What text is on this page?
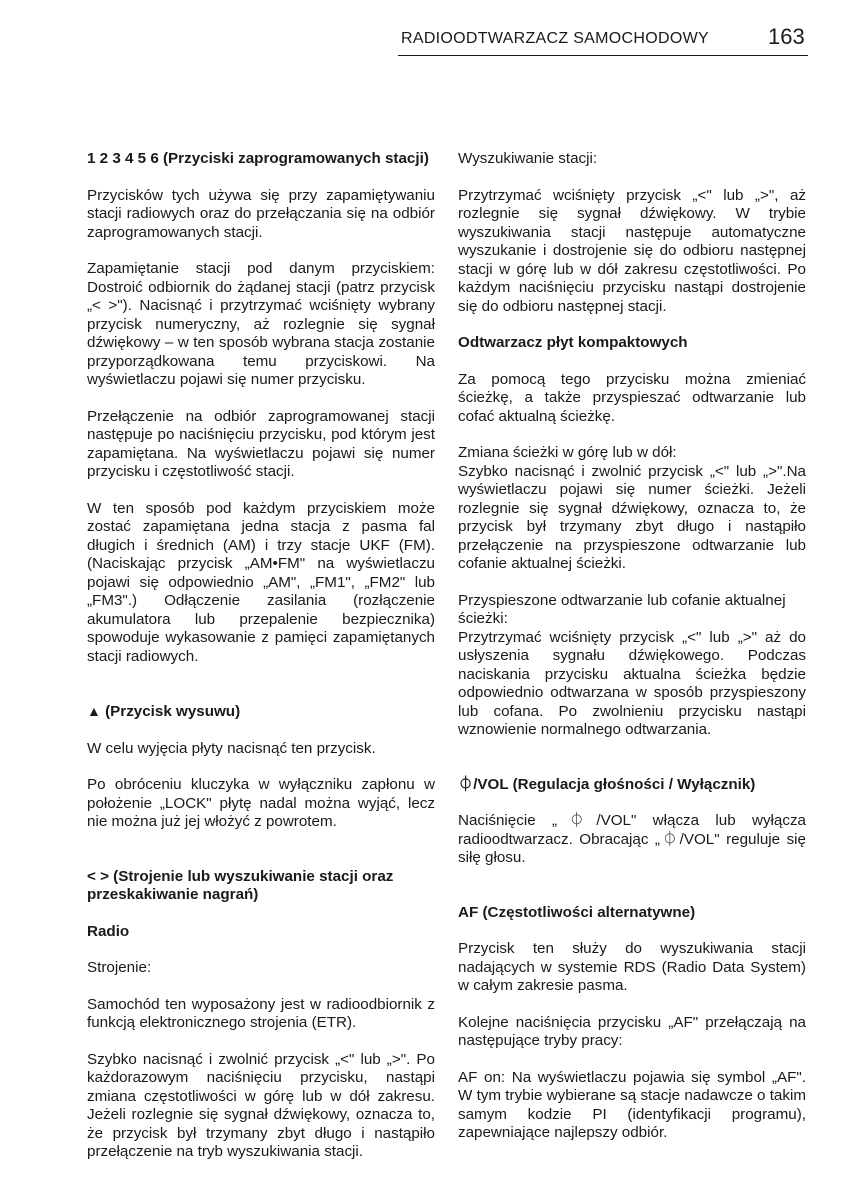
RADIOODTWARZACZ SAMOCHODOWY	163

1 2 3 4 5 6 (Przyciski zaprogramowanych stacji)

Przycisków tych używa się przy zapamiętywaniu stacji radiowych oraz do przełączania się na odbiór zaprogramowanych stacji.

Zapamiętanie stacji pod danym przyciskiem: Dostroić odbiornik do żądanej stacji (patrz przycisk „< >"). Nacisnąć i przytrzymać wciśnięty wybrany przycisk numeryczny, aż rozlegnie się sygnał dźwiękowy – w ten sposób wybrana stacja zostanie przyporządkowana temu przyciskowi. Na wyświetlaczu pojawi się numer przycisku.

Przełączenie na odbiór zaprogramowanej stacji następuje po naciśnięciu przycisku, pod którym jest zapamiętana. Na wyświetlaczu pojawi się numer przycisku i częstotliwość stacji.

W ten sposób pod każdym przyciskiem może zostać zapamiętana jedna stacja z pasma fal długich i średnich (AM) i trzy stacje UKF (FM). (Naciskając przycisk „AM•FM" na wyświetlaczu pojawi się odpowiednio „AM", „FM1", „FM2" lub „FM3".) Odłączenie zasilania (rozłączenie akumulatora lub przepalenie bezpiecznika) spowoduje wykasowanie z pamięci zapamiętanych stacji radiowych.

▲ (Przycisk wysuwu)

W celu wyjęcia płyty nacisnąć ten przycisk.

Po obróceniu kluczyka w wyłączniku zapłonu w położenie „LOCK" płytę nadal można wyjąć, lecz nie można już jej włożyć z powrotem.

< > (Strojenie lub wyszukiwanie stacji oraz przeskakiwanie nagrań)

Radio

Strojenie:

Samochód ten wyposażony jest w radioodbiornik z funkcją elektronicznego strojenia (ETR).

Szybko nacisnąć i zwolnić przycisk „<" lub „>". Po każdorazowym naciśnięciu przycisku, nastąpi zmiana częstotliwości w górę lub w dół zakresu. Jeżeli rozlegnie się sygnał dźwiękowy, oznacza to, że przycisk był trzymany zbyt długo i nastąpiło przełączenie na tryb wyszukiwania stacji.

Wyszukiwanie stacji:

Przytrzymać wciśnięty przycisk „<" lub „>", aż rozlegnie się sygnał dźwiękowy. W trybie wyszukiwania stacji następuje automatyczne wyszukanie i dostrojenie się do odbioru następnej stacji w górę lub w dół zakresu częstotliwości. Po każdym naciśnięciu przycisku nastąpi dostrojenie się do odbioru następnej stacji.

Odtwarzacz płyt kompaktowych

Za pomocą tego przycisku można zmieniać ścieżkę, a także przyspieszać odtwarzanie lub cofać aktualną ścieżkę.

Zmiana ścieżki w górę lub w dół:

Szybko nacisnąć i zwolnić przycisk „<" lub „>".Na wyświetlaczu pojawi się numer ścieżki. Jeżeli rozlegnie się sygnał dźwiękowy, oznacza to, że przycisk był trzymany zbyt długo i nastąpiło przełączenie na przyspieszone odtwarzanie lub cofanie aktualnej ścieżki.

Przyspieszone odtwarzanie lub cofanie aktualnej ścieżki:

Przytrzymać wciśnięty przycisk „<" lub „>" aż do usłyszenia sygnału dźwiękowego. Podczas naciskania przycisku aktualna ścieżka będzie odpowiednio odtwarzana w sposób przyspieszony lub cofana. Po zwolnieniu przycisku nastąpi wznowienie normalnego odtwarzania.

⏀/VOL (Regulacja głośności / Wyłącznik)

Naciśnięcie „⏀/VOL" włącza lub wyłącza radioodtwarzacz. Obracając „⏀/VOL" reguluje się siłę głosu.

AF (Częstotliwości alternatywne)

Przycisk ten służy do wyszukiwania stacji nadających w systemie RDS (Radio Data System) w całym zakresie pasma.

Kolejne naciśnięcia przycisku „AF" przełączają na następujące tryby pracy:

AF on: Na wyświetlaczu pojawia się symbol „AF". W tym trybie wybierane są stacje nadawcze o takim samym kodzie PI (identyfikacji programu), zapewniające najlepszy odbiór.
